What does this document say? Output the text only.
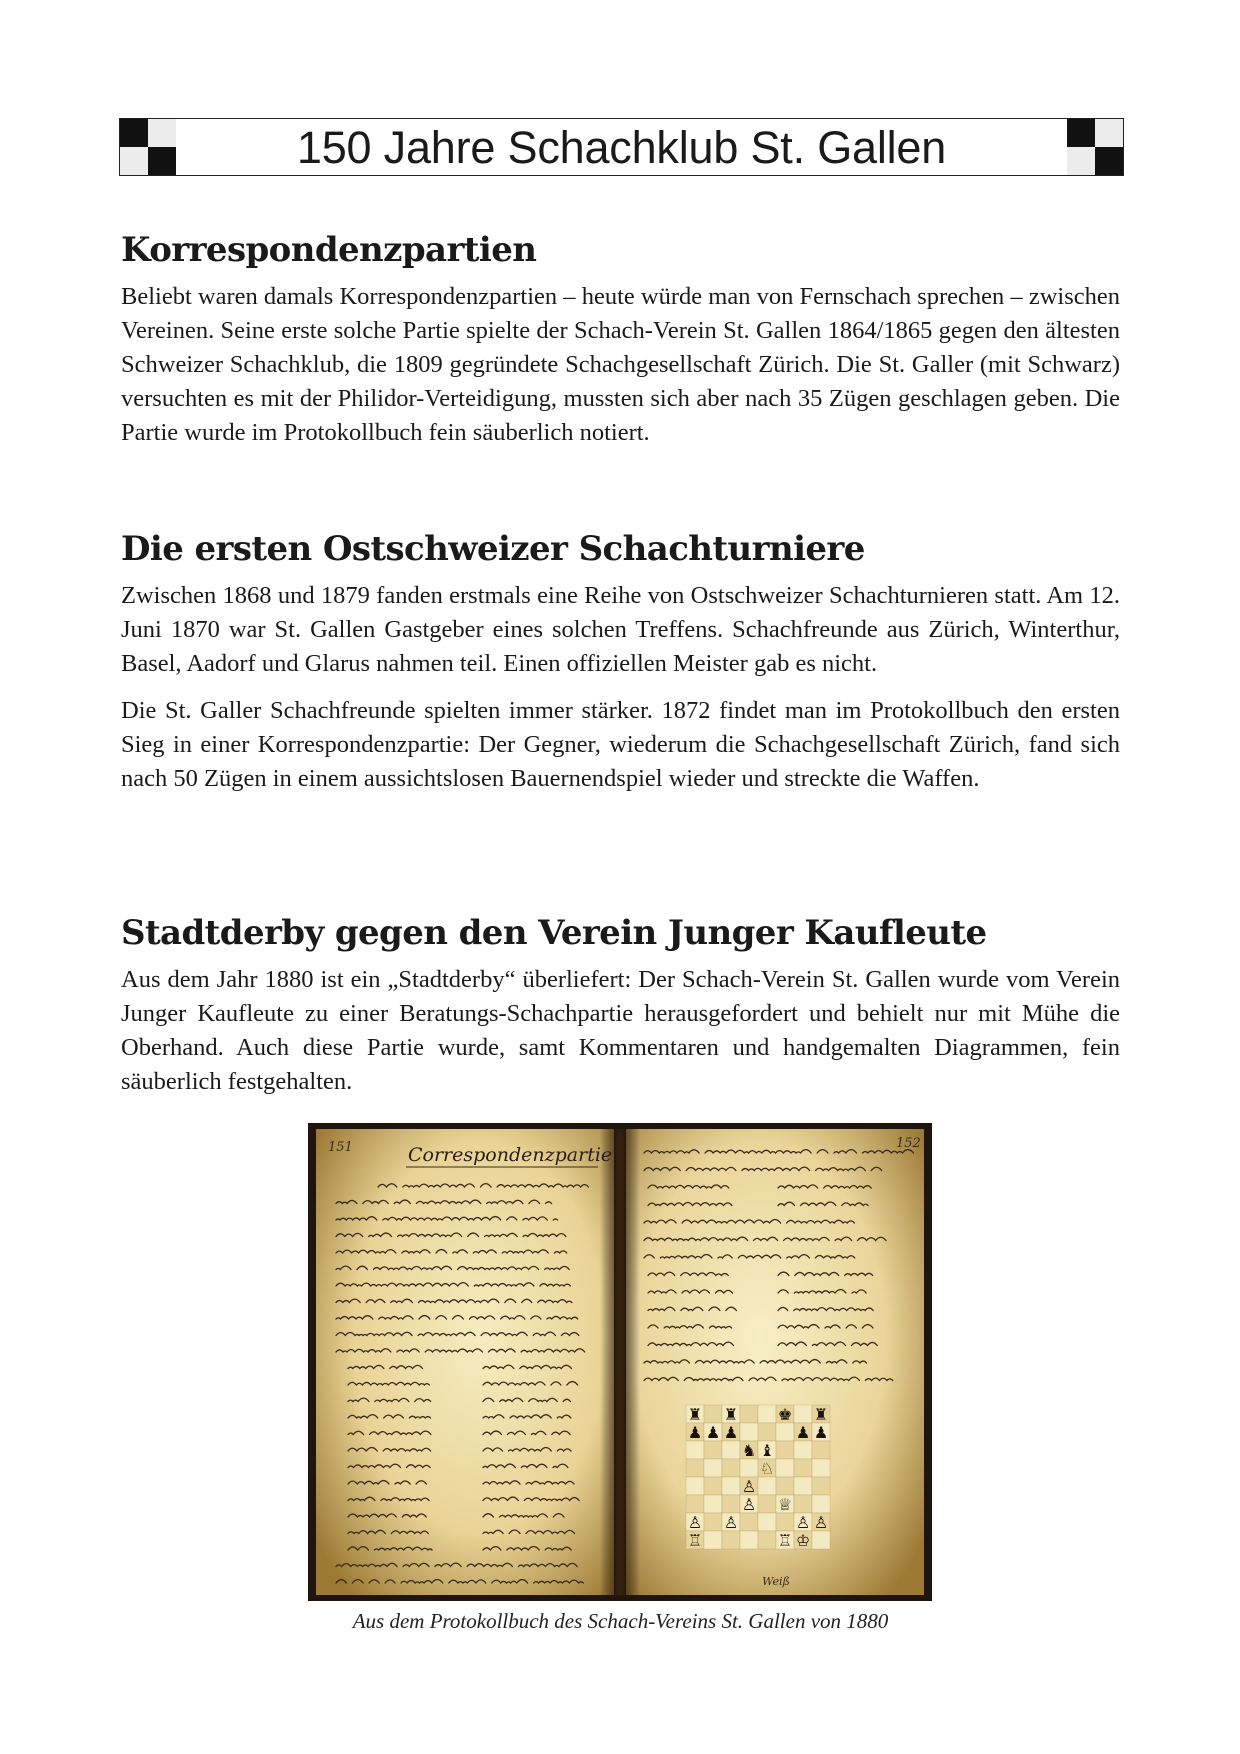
150 Jahre Schachklub St. Gallen
Korrespondenzpartien

Beliebt waren damals Korrespondenzpartien – heute würde man von Fernschach sprechen – zwischen Vereinen. Seine erste solche Partie spielte der Schach-Verein St. Gallen 1864/1865 gegen den ältesten Schweizer Schachklub, die 1809 gegründete Schachgesellschaft Zürich. Die St. Galler (mit Schwarz) versuchten es mit der Philidor-Verteidigung, mussten sich aber nach 35 Zügen geschlagen geben. Die Partie wurde im Protokollbuch fein säuberlich notiert.

Die ersten Ostschweizer Schachturniere

Zwischen 1868 und 1879 fanden erstmals eine Reihe von Ostschweizer Schachturnieren statt. Am 12. Juni 1870 war St. Gallen Gastgeber eines solchen Treffens. Schachfreunde aus Zürich, Winterthur, Basel, Aadorf und Glarus nahmen teil. Einen offiziellen Meister gab es nicht.

Die St. Galler Schachfreunde spielten immer stärker. 1872 findet man im Protokollbuch den ersten Sieg in einer Korrespondenzpartie: Der Gegner, wiederum die Schachgesellschaft Zürich, fand sich nach 50 Zügen in einem aussichtslosen Bauernendspiel wieder und streckte die Waffen.

Stadtderby gegen den Verein Junger Kaufleute

Aus dem Jahr 1880 ist ein „Stadtderby“ überliefert: Der Schach-Verein St. Gallen wurde vom Verein Junger Kaufleute zu einer Beratungs-Schachpartie herausgefordert und behielt nur mit Mühe die Oberhand. Auch diese Partie wurde, samt Kommentaren und handgemalten Diagrammen, fein säuberlich festgehalten.

151	152
Correspondenzpartie
♜ ♜ ♚ ♜
♟ ♟ ♟	♟ ♟
♞ ♝
♘
♙
♙ ♕
♙ ♙	♙ ♙
♖	♖ ♔
Weiß
Aus dem Protokollbuch des Schach-Vereins St. Gallen von 1880
